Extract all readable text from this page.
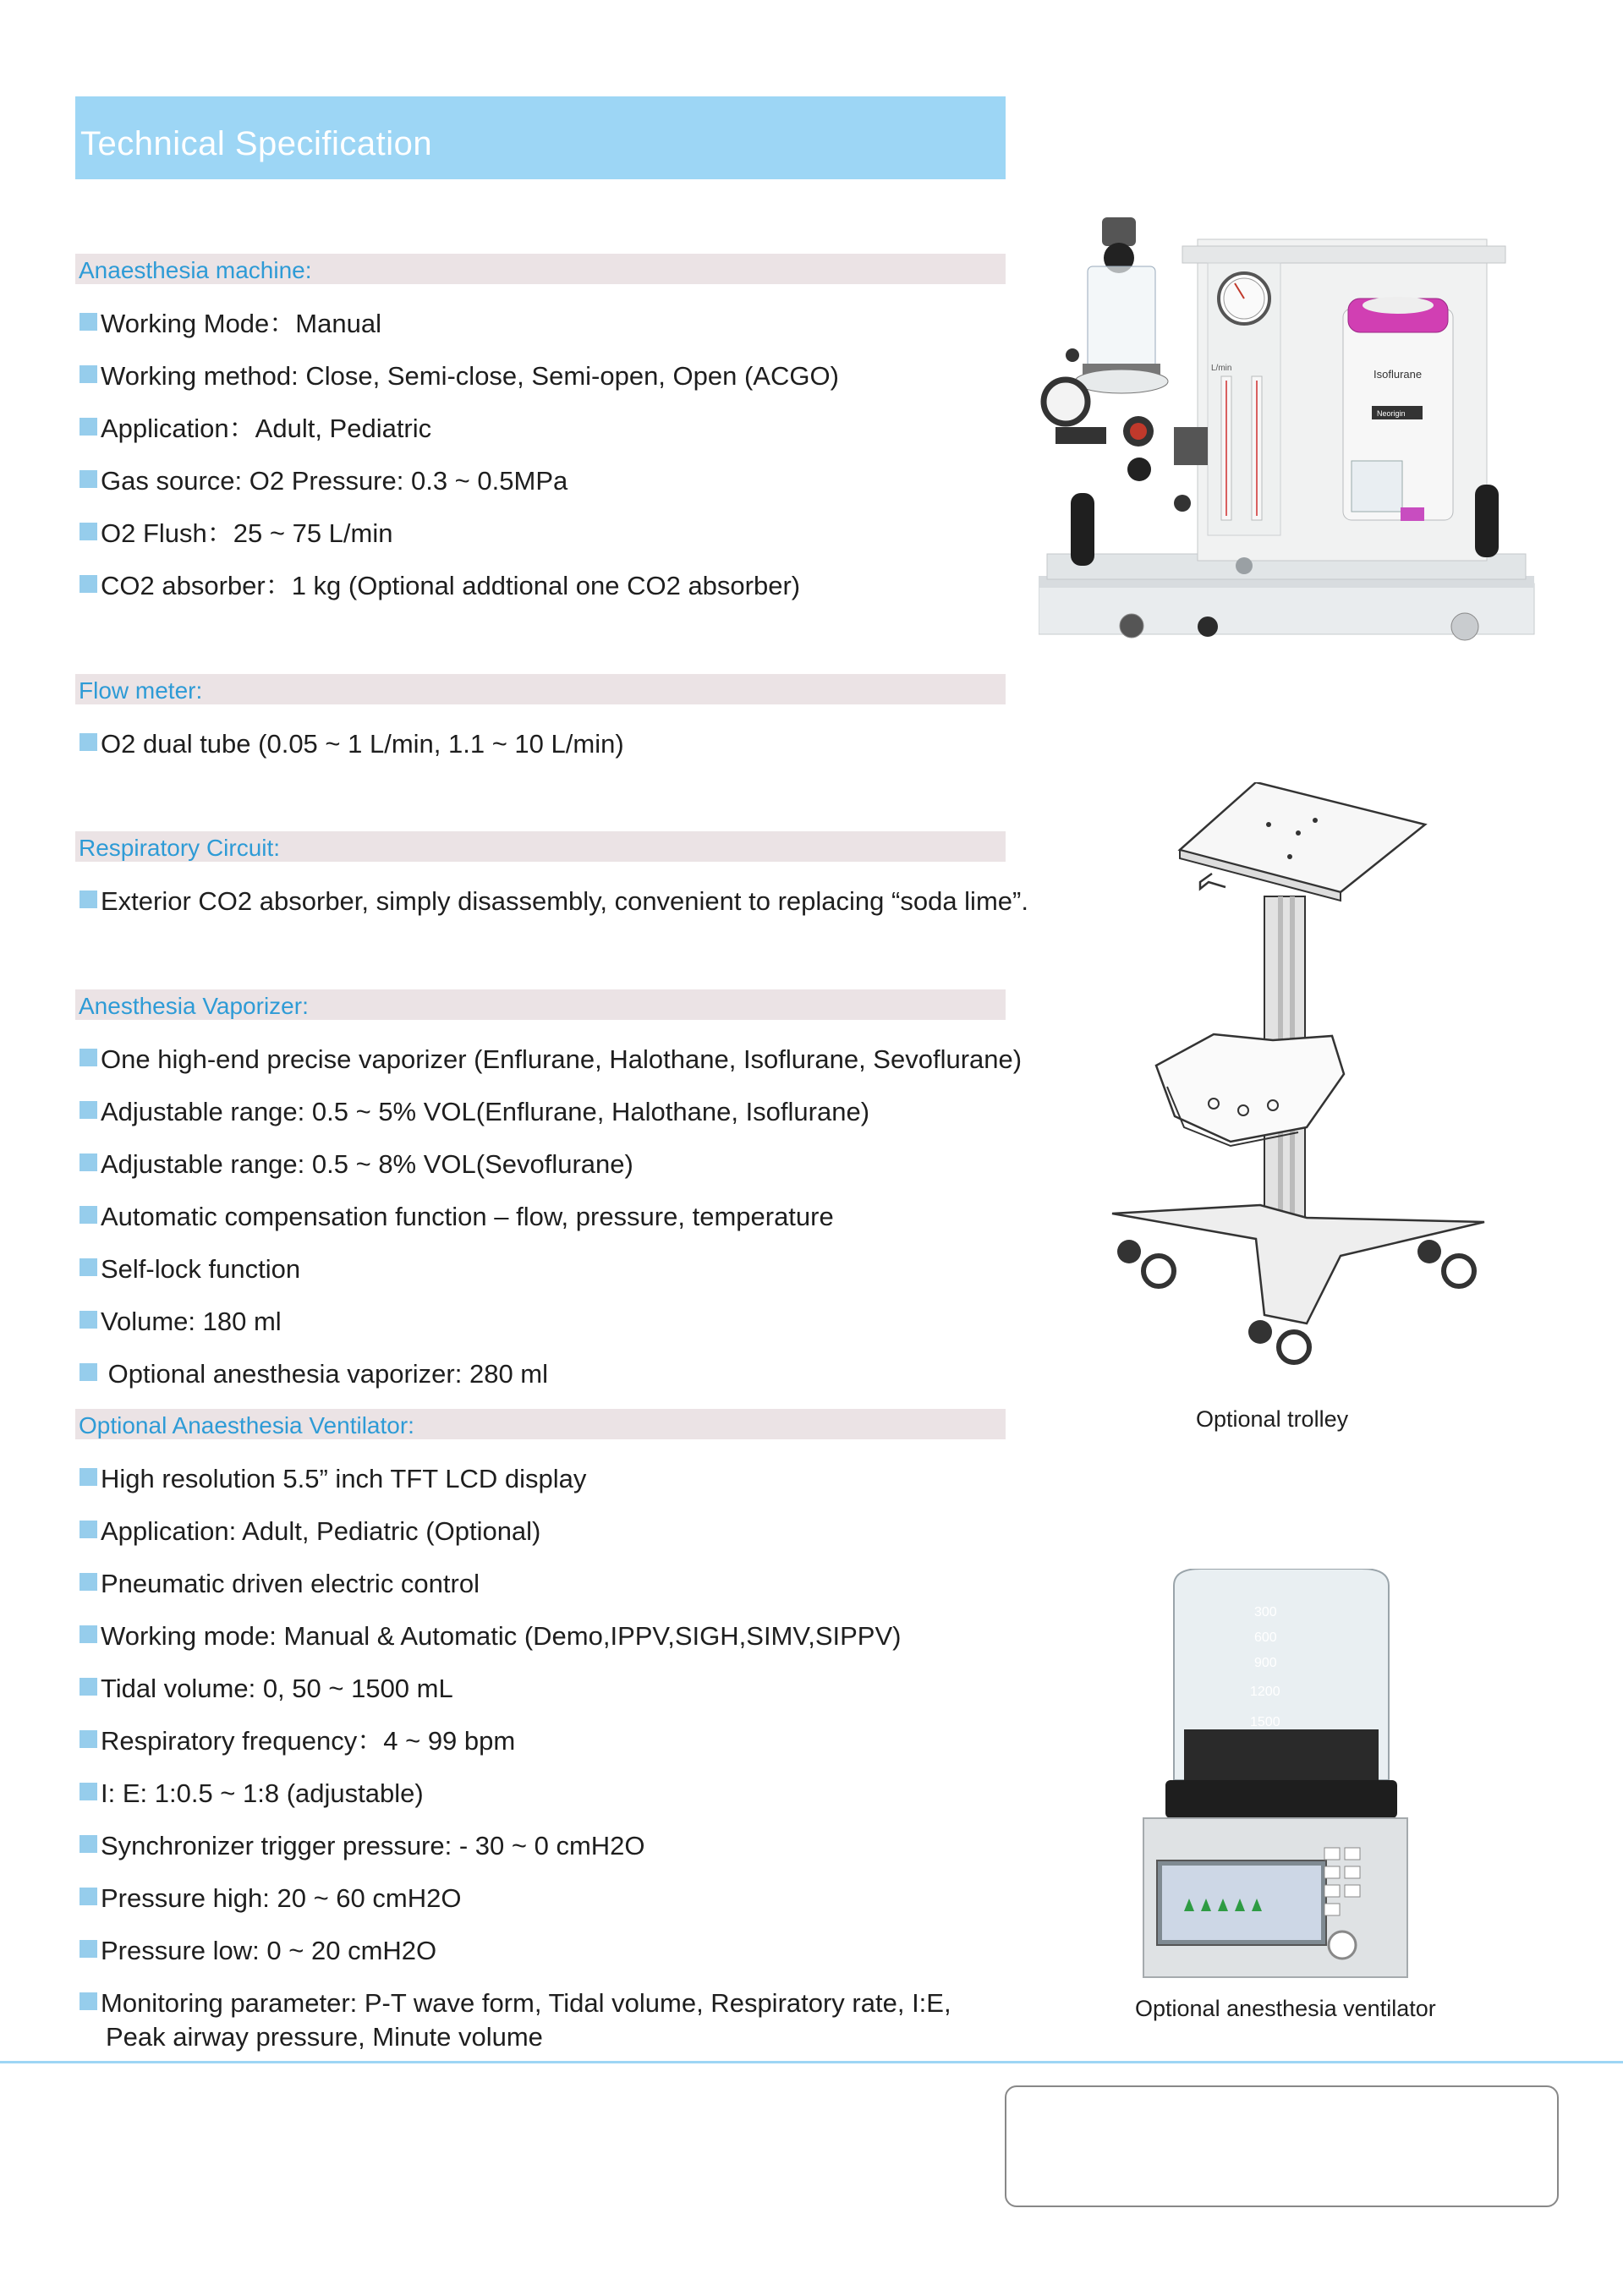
Technical Specification
Anaesthesia machine:
Working Mode：Manual
Working method: Close, Semi-close, Semi-open, Open (ACGO)
Application：Adult, Pediatric
Gas source: O2 Pressure: 0.3 ~ 0.5MPa
O2 Flush：25 ~ 75 L/min
CO2 absorber：1 kg (Optional addtional one CO2 absorber)
Flow meter:
O2 dual tube (0.05 ~ 1 L/min, 1.1 ~ 10 L/min)
Respiratory Circuit:
Exterior CO2 absorber, simply disassembly, convenient to replacing “soda lime”.
Anesthesia Vaporizer:
One high-end precise vaporizer (Enflurane, Halothane, Isoflurane, Sevoflurane)
Adjustable range: 0.5 ~ 5% VOL(Enflurane, Halothane, Isoflurane)
Adjustable range: 0.5 ~ 8% VOL(Sevoflurane)
Automatic compensation function – flow, pressure, temperature
Self-lock function
Volume: 180 ml
Optional anesthesia vaporizer: 280 ml
Optional Anaesthesia Ventilator:
High resolution 5.5” inch TFT LCD display
Application: Adult, Pediatric (Optional)
Pneumatic driven electric control
Working mode: Manual & Automatic (Demo,IPPV,SIGH,SIMV,SIPPV)
Tidal volume: 0, 50 ~ 1500 mL
Respiratory frequency：4 ~ 99 bpm
I: E: 1:0.5 ~ 1:8 (adjustable)
Synchronizer trigger pressure: - 30 ~ 0 cmH2O
Pressure high: 20 ~ 60 cmH2O
Pressure low: 0 ~ 20 cmH2O
Monitoring parameter: P-T wave form, Tidal volume, Respiratory rate, I:E,
Peak airway pressure, Minute volume
L/min	Isoflurane
Neorigin
Optional trolley
300
600
900
1200
1500
Optional anesthesia ventilator
